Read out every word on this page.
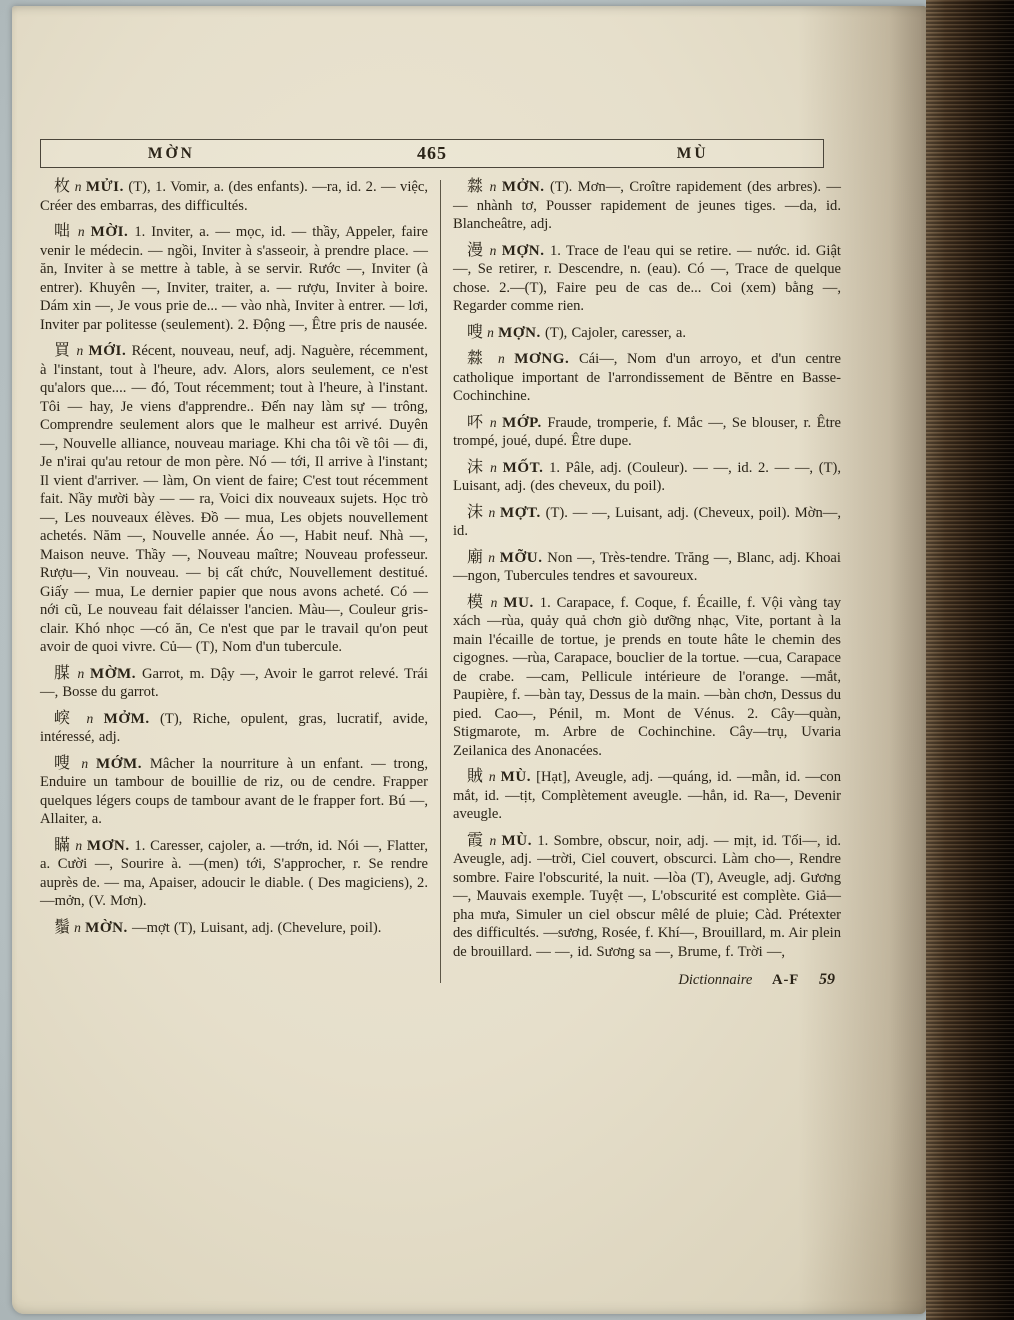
MỜN	465	MÙ

枚 n MỬI. (T), 1. Vomir, a. (des enfants). —ra, id. 2. — việc, Créer des embarras, des difficultés.

咄 n MỜI. 1. Inviter, a. — mọc, id. — thầy, Appeler, faire venir le médecin. — ngồi, Inviter à s'asseoir, à prendre place. — ăn, Inviter à se mettre à table, à se servir. Rước —, Inviter (à entrer). Khuyên —, Inviter, traiter, a. — rượu, Inviter à boire. Dám xin —, Je vous prie de... — vào nhà, Inviter à entrer. — lơi, Inviter par politesse (seulement). 2. Động —, Être pris de nausée.

買 n MỚI. Récent, nouveau, neuf, adj. Naguère, récemment, à l'instant, tout à l'heure, adv. Alors, alors seulement, ce n'est qu'alors que.... — đó, Tout récemment; tout à l'heure, à l'instant. Tôi — hay, Je viens d'apprendre.. Đến nay làm sự — trông, Comprendre seulement alors que le malheur est arrivé. Duyên —, Nouvelle alliance, nouveau mariage. Khi cha tôi về tôi — đi, Je n'irai qu'au retour de mon père. Nó — tới, Il arrive à l'instant; Il vient d'arriver. — làm, On vient de faire; C'est tout récemment fait. Nầy mười bày — — ra, Voici dix nouveaux sujets. Học trò —, Les nouveaux élèves. Đồ — mua, Les objets nouvellement achetés. Năm —, Nouvelle année. Áo —, Habit neuf. Nhà —, Maison neuve. Thầy —, Nouveau maître; Nouveau professeur. Rượu—, Vin nouveau. — bị cất chức, Nouvellement destitué. Giấy — mua, Le dernier papier que nous avons acheté. Có — nới cũ, Le nouveau fait délaisser l'ancien. Màu—, Couleur gris-clair. Khó nhọc —có ăn, Ce n'est que par le travail qu'on peut avoir de quoi vivre. Củ— (T), Nom d'un tubercule.

腜 n MỜM. Garrot, m. Dậy —, Avoir le garrot relevé. Trái —, Bosse du garrot.

㟮 n MỞM. (T), Riche, opulent, gras, lucratif, avide, intéressé, adj.

嗖 n MỚM. Mâcher la nourriture à un enfant. — trong, Enduire un tambour de bouillie de riz, ou de cendre. Frapper quelques légers coups de tambour avant de le frapper fort. Bú —, Allaiter, a.

瞞 n MƠN. 1. Caresser, cajoler, a. —trớn, id. Nói —, Flatter, a. Cười —, Sourire à. —(men) tới, S'approcher, r. Se rendre auprès de. — ma, Apaiser, adoucir le diable. ( Des magiciens), 2. —mởn, (V. Mơn).

鬚 n MỜN. —mợt (T), Luisant, adj. (Chevelure, poil).

㵘 n MỞN. (T). Mơn—, Croître rapidement (des arbres). — — nhành tơ, Pousser rapidement de jeunes tiges. —da, id. Blancheâtre, adj.

漫 n MỢN. 1. Trace de l'eau qui se retire. — nước. id. Giật—, Se retirer, r. Descendre, n. (eau). Có —, Trace de quelque chose. 2.—(T), Faire peu de cas de... Coi (xem) bằng —, Regarder comme rien.

嗖 n MỢN. (T), Cajoler, caresser, a.

㵘 n MƠNG. Cái—, Nom d'un arroyo, et d'un centre catholique important de l'arrondissement de Bĕntre en Basse-Cochinchine.

吥 n MỚP. Fraude, tromperie, f. Mắc —, Se blouser, r. Être trompé, joué, dupé. Être dupe.

沫 n MỐT. 1. Pâle, adj. (Couleur). — —, id. 2. — —, (T), Luisant, adj. (des cheveux, du poil).

沫 n MỢT. (T). — —, Luisant, adj. (Cheveux, poil). Mờn—, id.

廟 n MỠU. Non —, Très-tendre. Trăng —, Blanc, adj. Khoai —ngon, Tubercules tendres et savoureux.

模 n MU. 1. Carapace, f. Coque, f. Écaille, f. Vội vàng tay xách —rùa, quảy quả chơn giò dưỡng nhạc, Vite, portant à la main l'écaille de tortue, je prends en toute hâte le chemin des cigognes. —rùa, Carapace, bouclier de la tortue. —cua, Carapace de crabe. —cam, Pellicule intérieure de l'orange. —mắt, Paupière, f. —bàn tay, Dessus de la main. —bàn chơn, Dessus du pied. Cao—, Pénil, m. Mont de Vénus. 2. Cây—quàn, Stigmarote, m. Arbre de Cochinchine. Cây—trụ, Uvaria Zeilanica des Anonacées.

賊 n MÙ. [Hạt], Aveugle, adj. —quáng, id. —mẫn, id. —con mắt, id. —tịt, Complètement aveugle. —hẳn, id. Ra—, Devenir aveugle.

霞 n MÙ. 1. Sombre, obscur, noir, adj. — mịt, id. Tối—, id. Aveugle, adj. —trời, Ciel couvert, obscurci. Làm cho—, Rendre sombre. Faire l'obscurité, la nuit. —lòa (T), Aveugle, adj. Gương —, Mauvais exemple. Tuyệt —, L'obscurité est complète. Giả—pha mưa, Simuler un ciel obscur mêlé de pluie; Càd. Prétexter des difficultés. —sương, Rosée, f. Khí—, Brouillard, m. Air plein de brouillard. — —, id. Sương sa —, Brume, f. Trời —,

Dictionnaire A-F 59
